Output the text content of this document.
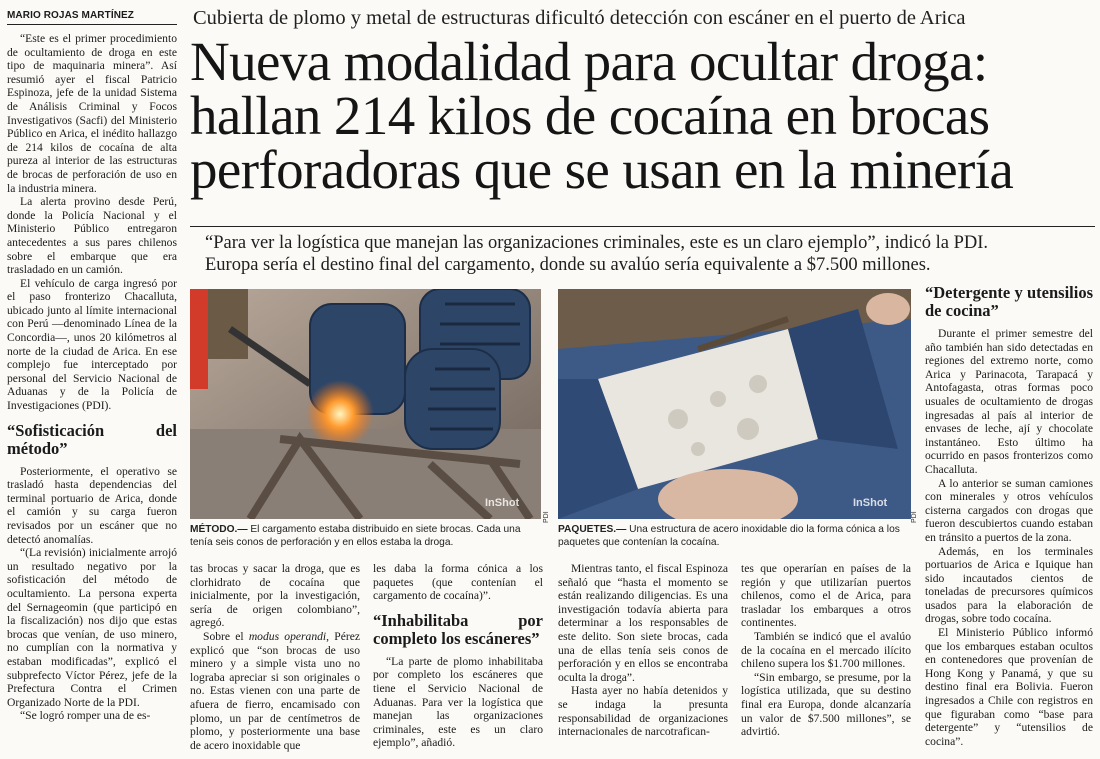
MARIO ROJAS MARTÍNEZ	Cubierta de plomo y metal de estructuras dificultó detección con escáner en el puerto de Arica
Nueva modalidad para ocultar droga:
hallan 214 kilos de cocaína en brocas
perforadoras que se usan en la minería
“Para ver la logística que manejan las organizaciones criminales, este es un claro ejemplo”, indicó la PDI.
Europa sería el destino final del cargamento, donde su avalúo sería equivalente a $7.500 millones.

“Este es el primer procedimiento de ocultamiento de droga en este tipo de maquinaria minera”. Así resumió ayer el fiscal Patricio Espinoza, jefe de la unidad Sistema de Análisis Criminal y Focos Investigativos (Sacfi) del Ministerio Público en Arica, el inédito hallazgo de 214 kilos de cocaína de alta pureza al interior de las estructuras de brocas de perforación de uso en la industria minera.

La alerta provino desde Perú, donde la Policía Nacional y el Ministerio Público entregaron antecedentes a sus pares chilenos sobre el embarque que era trasladado en un camión.

El vehículo de carga ingresó por el paso fronterizo Chacalluta, ubicado junto al límite internacional con Perú —denominado Línea de la Concordia—, unos 20 kilómetros al norte de la ciudad de Arica. En ese complejo fue interceptado por personal del Servicio Nacional de Aduanas y de la Policía de Investigaciones (PDI).

“Sofisticación del método”

Posteriormente, el operativo se trasladó hasta dependencias del terminal portuario de Arica, donde el camión y su carga fueron revisados por un escáner que no detectó anomalías.

“(La revisión) inicialmente arrojó un resultado negativo por la sofisticación del método de ocultamiento. La persona experta del Sernageomin (que participó en la fiscalización) nos dijo que estas brocas que venían, de uso minero, no cumplían con la normativa y estaban modificadas”, explicó el subprefecto Víctor Pérez, jefe de la Prefectura Contra el Crimen Organizado Norte de la PDI.

“Se logró romper una de es-

InShot
PDI
MÉTODO.— El cargamento estaba distribuido en siete brocas. Cada una tenía seis conos de perforación y en ellos estaba la droga.
InShot
PDI
PAQUETES.— Una estructura de acero inoxidable dio la forma cónica a los paquetes que contenían la cocaína.

tas brocas y sacar la droga, que es clorhidrato de cocaína que inicialmente, por la investigación, sería de origen colombiano”, agregó.

Sobre el modus operandi, Pérez explicó que “son brocas de uso minero y a simple vista uno no lograba apreciar si son originales o no. Estas vienen con una parte de afuera de fierro, encamisado con plomo, un par de centímetros de plomo, y posteriormente una base de acero inoxidable que

les daba la forma cónica a los paquetes (que contenían el cargamento de cocaína)”.

“Inhabilitaba por completo los escáneres”

“La parte de plomo inhabilitaba por completo los escáneres que tiene el Servicio Nacional de Aduanas. Para ver la logística que manejan las organizaciones criminales, este es un claro ejemplo”, añadió.

Mientras tanto, el fiscal Espinoza señaló que “hasta el momento se están realizando diligencias. Es una investigación todavía abierta para determinar a los responsables de este delito. Son siete brocas, cada una de ellas tenía seis conos de perforación y en ellos se encontraba oculta la droga”.

Hasta ayer no había detenidos y se indaga la presunta responsabilidad de organizaciones internacionales de narcotrafican-

tes que operarían en países de la región y que utilizarían puertos chilenos, como el de Arica, para trasladar los embarques a otros continentes.

También se indicó que el avalúo de la cocaína en el mercado ilícito chileno supera los $1.700 millones.

“Sin embargo, se presume, por la logística utilizada, que su destino final era Europa, donde alcanzaría un valor de $7.500 millones”, se advirtió.

“Detergente y utensilios de cocina”

Durante el primer semestre del año también han sido detectadas en regiones del extremo norte, como Arica y Parinacota, Tarapacá y Antofagasta, otras formas poco usuales de ocultamiento de drogas ingresadas al país al interior de envases de leche, ají y chocolate instantáneo. Esto último ha ocurrido en pasos fronterizos como Chacalluta.

A lo anterior se suman camiones con minerales y otros vehículos cisterna cargados con drogas que fueron descubiertos cuando estaban en tránsito a puertos de la zona.

Además, en los terminales portuarios de Arica e Iquique han sido incautados cientos de toneladas de precursores químicos usados para la elaboración de drogas, sobre todo cocaína.

El Ministerio Público informó que los embarques estaban ocultos en contenedores que provenían de Hong Kong y Panamá, y que su destino final era Bolivia. Fueron ingresados a Chile con registros en que figuraban como “base para detergente” y “utensilios de cocina”.
